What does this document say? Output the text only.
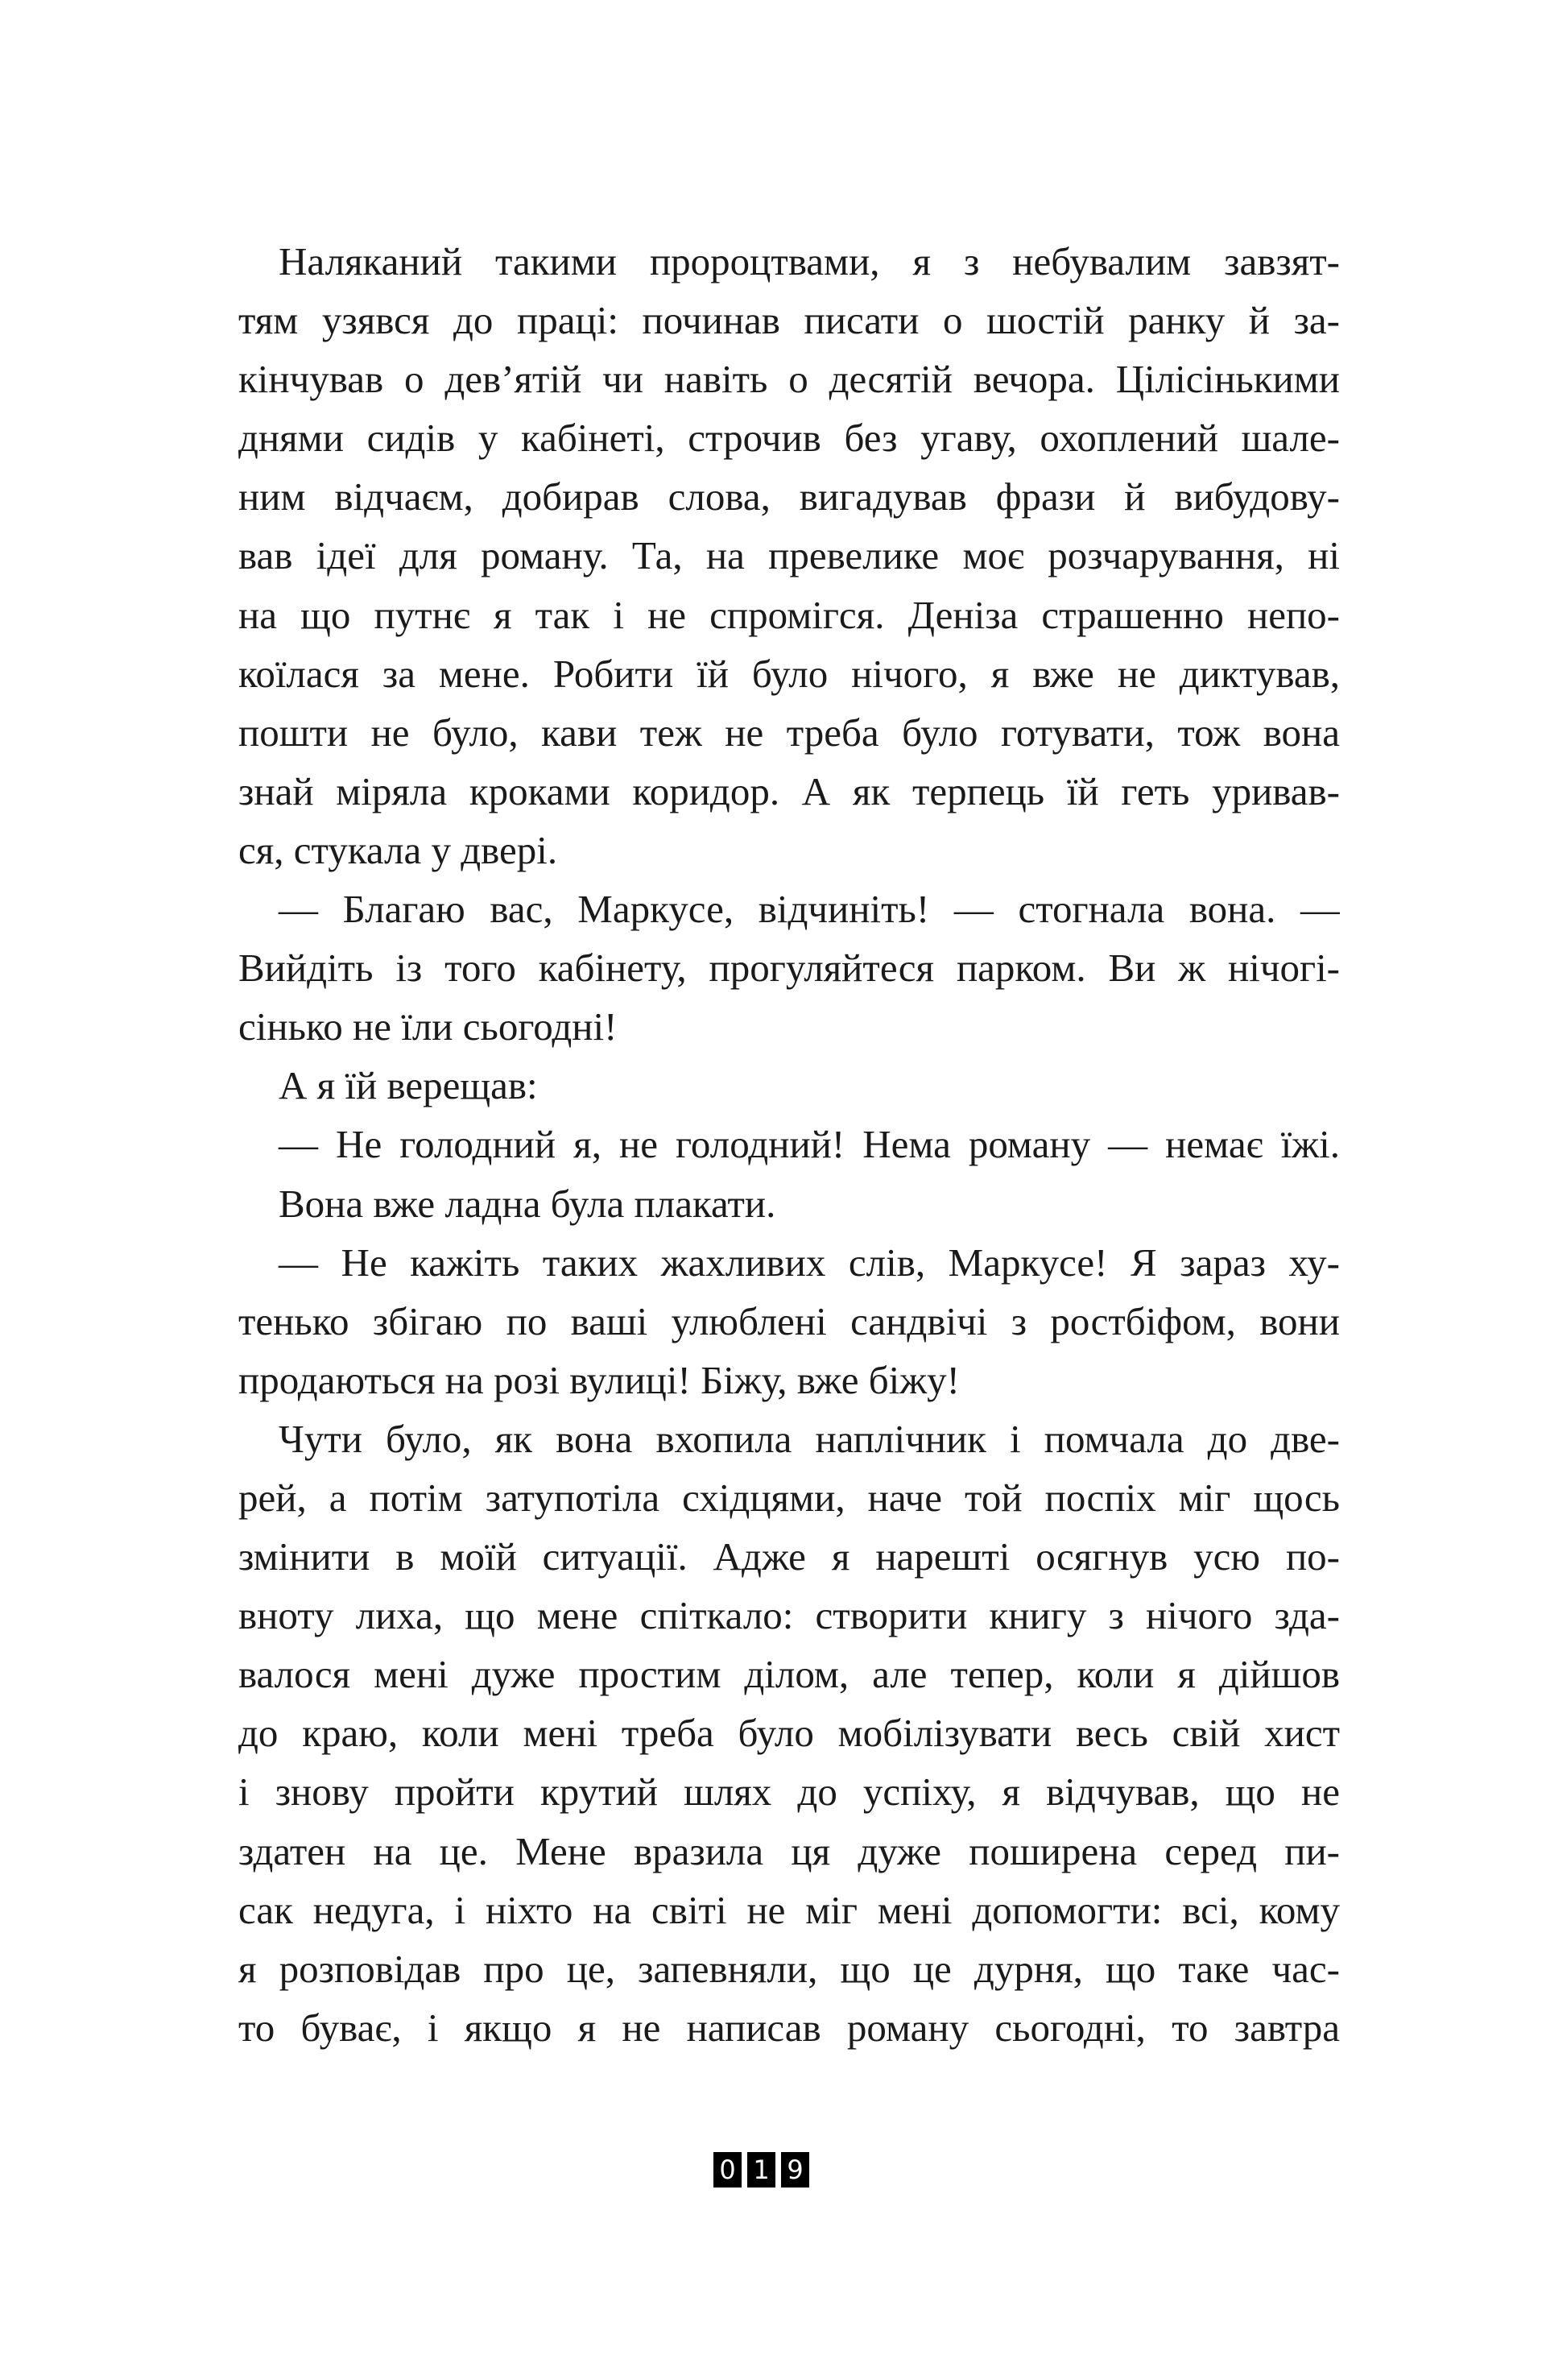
Наляканий такими пророцтвами, я з небувалим завзят-
тям узявся до праці: починав писати о шостій ранку й за-
кінчував о дев’ятій чи навіть о десятій вечора. Цілісінькими
днями сидів у кабінеті, строчив без угаву, охоплений шале-
ним відчаєм, добирав слова, вигадував фрази й вибудову-
вав ідеї для роману. Та, на превелике моє розчарування, ні
на що путнє я так і не спромігся. Деніза страшенно непо-
коїлася за мене. Робити їй було нічого, я вже не диктував,
пошти не було, кави теж не треба було готувати, тож вона
знай міряла кроками коридор. А як терпець їй геть уривав-
ся, стукала у двері.
— Благаю вас, Маркусе, відчиніть! — стогнала вона. —
Вийдіть із того кабінету, прогуляйтеся парком. Ви ж нічогі-
сінько не їли сьогодні!
А я їй верещав:
— Не голодний я, не голодний! Нема роману — немає їжі.
Вона вже ладна була плакати.
— Не кажіть таких жахливих слів, Маркусе! Я зараз ху-
тенько збігаю по ваші улюблені сандвічі з ростбіфом, вони
продаються на розі вулиці! Біжу, вже біжу!
Чути було, як вона вхопила наплічник і помчала до две-
рей, а потім затупотіла східцями, наче той поспіх міг щось
змінити в моїй ситуації. Адже я нарешті осягнув усю по-
вноту лиха, що мене спіткало: створити книгу з нічого зда-
валося мені дуже простим ділом, але тепер, коли я дійшов
до краю, коли мені треба було мобілізувати весь свій хист
і знову пройти крутий шлях до успіху, я відчував, що не
здатен на це. Мене вразила ця дуже поширена серед пи-
сак недуга, і ніхто на світі не міг мені допомогти: всі, кому
я розповідав про це, запевняли, що це дурня, що таке час-
то буває, і якщо я не написав роману сьогодні, то завтра
0 1 9
